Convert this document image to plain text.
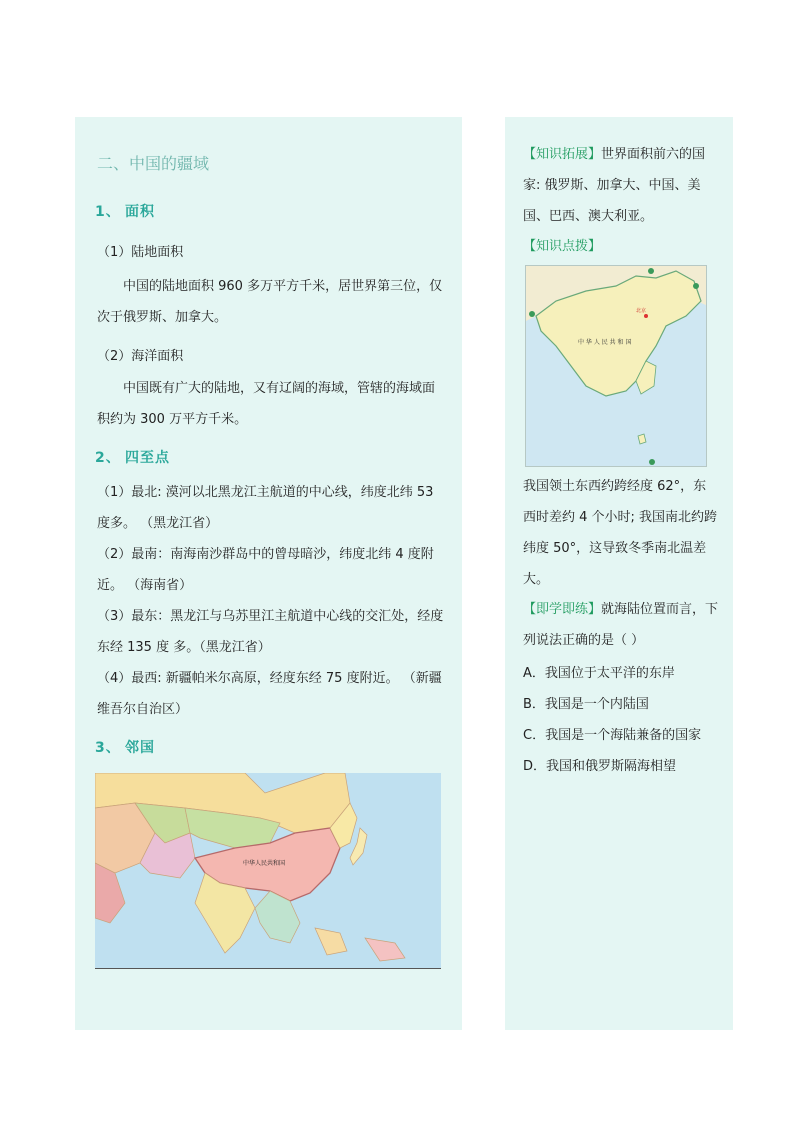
二、中国的疆域
1、 面积
（1）陆地面积
中国的陆地面积 960 多万平方千米，居世界第三位，仅次于俄罗斯、加拿大。
（2）海洋面积
中国既有广大的陆地，又有辽阔的海域，管辖的海域面积约为 300 万平方千米。
2、 四至点
（1）最北: 漠河以北黑龙江主航道的中心线，纬度北纬 53 度多。 （黑龙江省）
（2）最南：南海南沙群岛中的曾母暗沙，纬度北纬 4 度附近。 （海南省）
（3）最东：黑龙江与乌苏里江主航道中心线的交汇处，经度东经 135 度 多。（黑龙江省）
（4）最西: 新疆帕米尔高原，经度东经 75 度附近。 （新疆维吾尔自治区）
3、 邻国
中华人民共和国
【知识拓展】世界面积前六的国家: 俄罗斯、加拿大、中国、美国、巴西、澳大利亚。
【知识点拨】
北京
中 华 人 民 共 和 国
我国领土东西约跨经度 62°，东西时差约 4 个小时; 我国南北约跨纬度 50°，这导致冬季南北温差大。
【即学即练】就海陆位置而言，下列说法正确的是（ ）
A．我国位于太平洋的东岸
B．我国是一个内陆国
C．我国是一个海陆兼备的国家
D．我国和俄罗斯隔海相望
